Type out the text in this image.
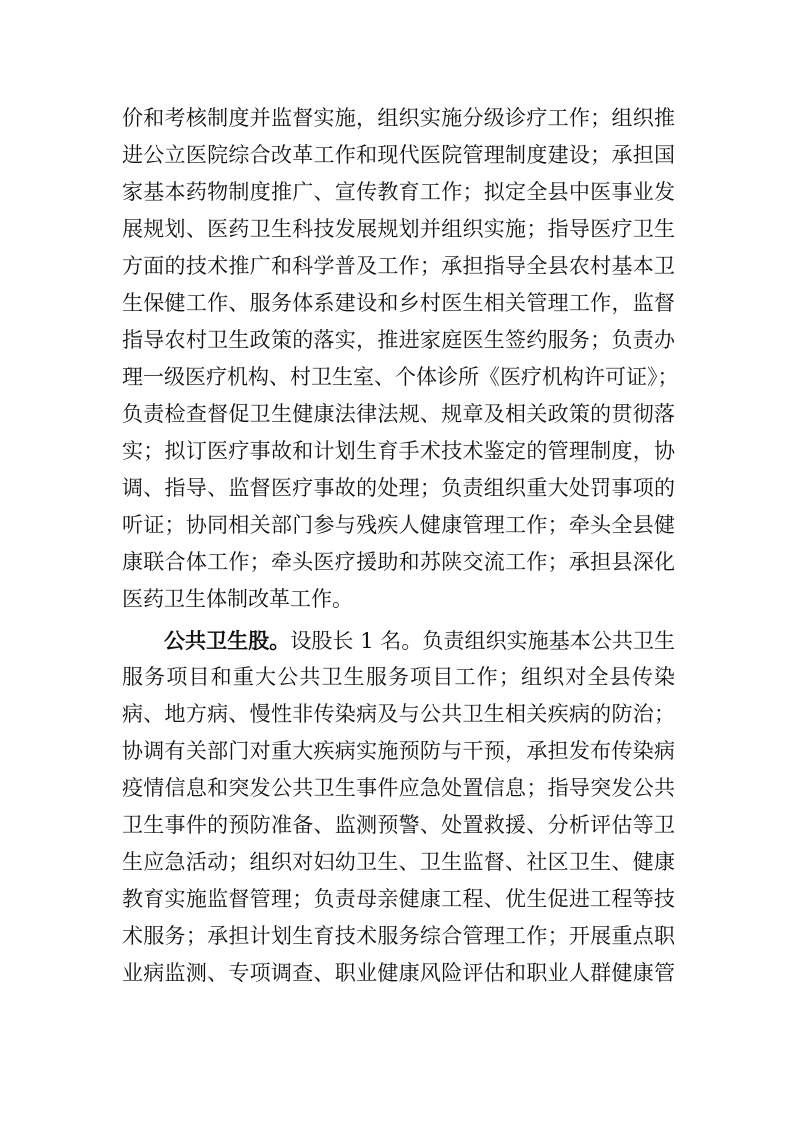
价和考核制度并监督实施，组织实施分级诊疗工作；组织推
进公立医院综合改革工作和现代医院管理制度建设；承担国
家基本药物制度推广、宣传教育工作；拟定全县中医事业发
展规划、医药卫生科技发展规划并组织实施；指导医疗卫生
方面的技术推广和科学普及工作；承担指导全县农村基本卫
生保健工作、服务体系建设和乡村医生相关管理工作，监督
指导农村卫生政策的落实，推进家庭医生签约服务；负责办
理一级医疗机构、村卫生室、个体诊所《医疗机构许可证》；
负责检查督促卫生健康法律法规、规章及相关政策的贯彻落
实；拟订医疗事故和计划生育手术技术鉴定的管理制度，协
调、指导、监督医疗事故的处理；负责组织重大处罚事项的
听证；协同相关部门参与残疾人健康管理工作；牵头全县健
康联合体工作；牵头医疗援助和苏陕交流工作；承担县深化
医药卫生体制改革工作。
公共卫生股。设股长 1 名。负责组织实施基本公共卫生
服务项目和重大公共卫生服务项目工作；组织对全县传染
病、地方病、慢性非传染病及与公共卫生相关疾病的防治；
协调有关部门对重大疾病实施预防与干预，承担发布传染病
疫情信息和突发公共卫生事件应急处置信息；指导突发公共
卫生事件的预防准备、监测预警、处置救援、分析评估等卫
生应急活动；组织对妇幼卫生、卫生监督、社区卫生、健康
教育实施监督管理；负责母亲健康工程、优生促进工程等技
术服务；承担计划生育技术服务综合管理工作；开展重点职
业病监测、专项调查、职业健康风险评估和职业人群健康管
